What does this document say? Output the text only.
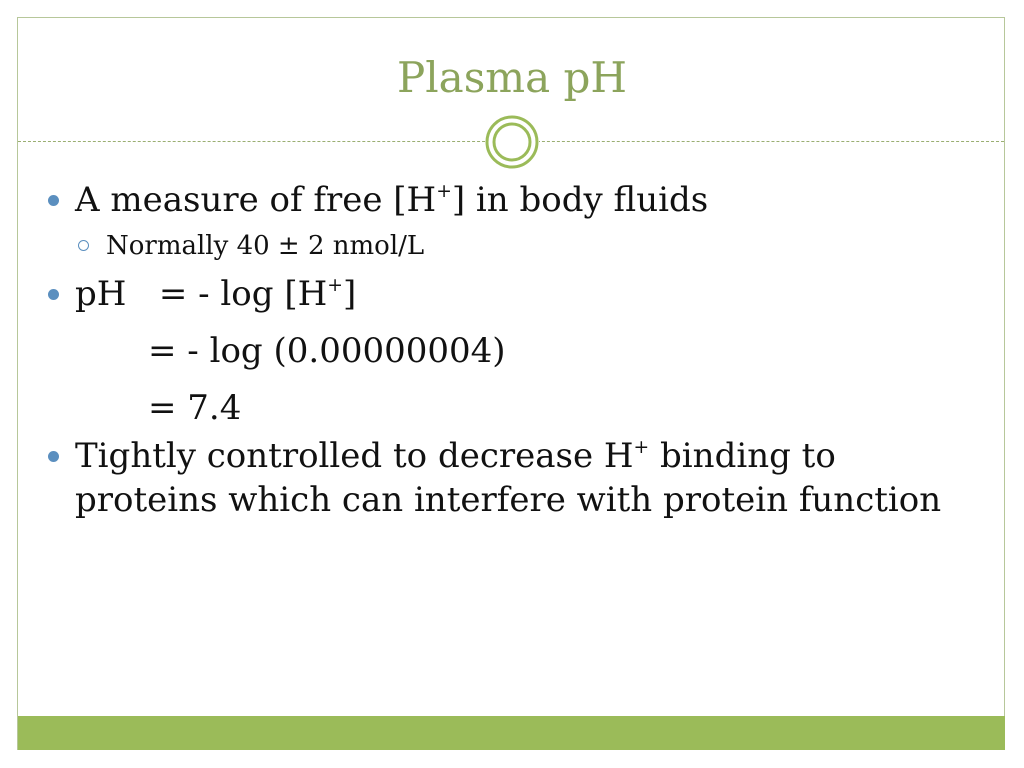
Plasma pH
A measure of free [H+] in body fluids
Normally 40 ± 2 nmol/L
pH   = - log [H+]
= - log (0.00000004)
= 7.4
Tightly controlled to decrease H+ binding to proteins which can interfere with protein function
